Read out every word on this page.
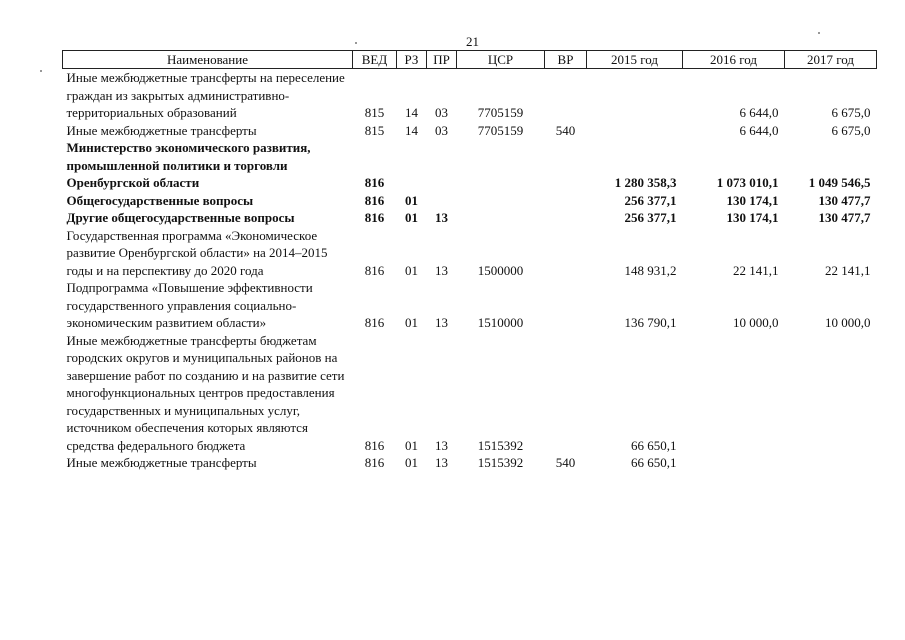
21
Наименование	ВЕД	РЗ	ПР	ЦСР	ВР	2015 год	2016 год	2017 год
Иные межбюджетные трансферты на переселение граждан из закрытых административно-территориальных образований	815	14	03	7705159			6 644,0	6 675,0
Иные межбюджетные трансферты	815	14	03	7705159	540		6 644,0	6 675,0
Министерство экономического развития, промышленной политики и торговли Оренбургской области	816					1 280 358,3	1 073 010,1	1 049 546,5
Общегосударственные вопросы	816	01				256 377,1	130 174,1	130 477,7
Другие общегосударственные вопросы	816	01	13			256 377,1	130 174,1	130 477,7
Государственная программа «Экономическое развитие Оренбургской области» на 2014–2015 годы и на перспективу до 2020 года	816	01	13	1500000		148 931,2	22 141,1	22 141,1
Подпрограмма «Повышение эффективности государственного управления социально-экономическим развитием области»	816	01	13	1510000		136 790,1	10 000,0	10 000,0
Иные межбюджетные трансферты бюджетам городских округов и муниципальных районов на завершение работ по созданию и на развитие сети многофункциональных центров предоставления государственных и муниципальных услуг, источником обеспечения которых являются средства федерального бюджета	816	01	13	1515392		66 650,1		
Иные межбюджетные трансферты	816	01	13	1515392	540	66 650,1		
